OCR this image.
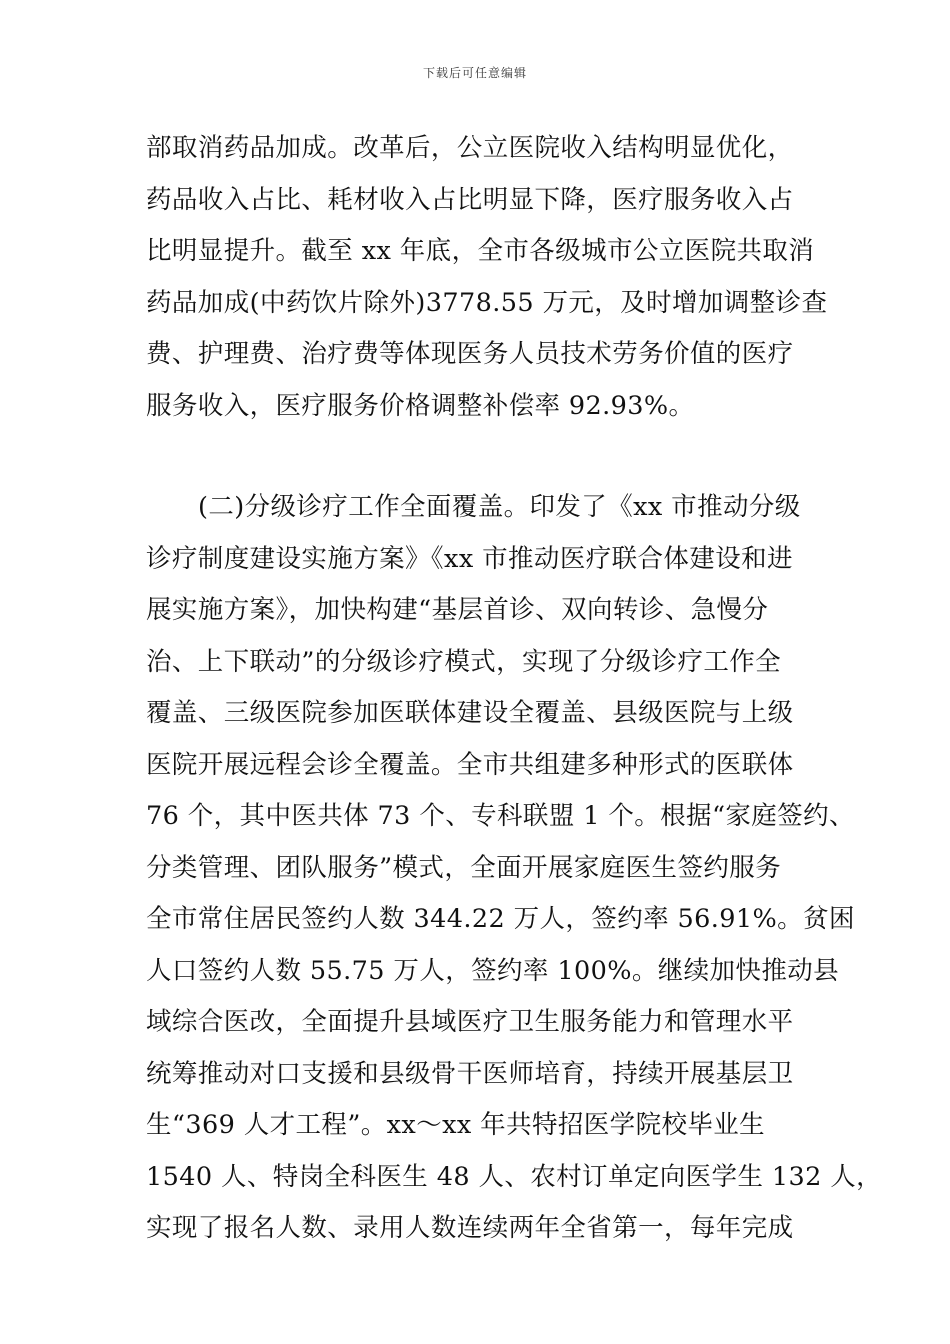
下载后可任意编辑
部取消药品加成。改革后，公立医院收入结构明显优化，
药品收入占比、耗材收入占比明显下降，医疗服务收入占
比明显提升。截至 xx 年底，全市各级城市公立医院共取消
药品加成(中药饮片除外)3778.55 万元，及时增加调整诊查
费、护理费、治疗费等体现医务人员技术劳务价值的医疗
服务收入，医疗服务价格调整补偿率 92.93%。
(二)分级诊疗工作全面覆盖。印发了《xx 市推动分级
诊疗制度建设实施方案》《xx 市推动医疗联合体建设和进
展实施方案》，加快构建“基层首诊、双向转诊、急慢分
治、上下联动”的分级诊疗模式，实现了分级诊疗工作全
覆盖、三级医院参加医联体建设全覆盖、县级医院与上级
医院开展远程会诊全覆盖。全市共组建多种形式的医联体
76 个，其中医共体 73 个、专科联盟 1 个。根据“家庭签约、
分类管理、团队服务”模式，全面开展家庭医生签约服务
全市常住居民签约人数 344.22 万人，签约率 56.91%。贫困
人口签约人数 55.75 万人，签约率 100%。继续加快推动县
域综合医改，全面提升县域医疗卫生服务能力和管理水平
统筹推动对口支援和县级骨干医师培育，持续开展基层卫
生“369 人才工程”。xx～xx 年共特招医学院校毕业生
1540 人、特岗全科医生 48 人、农村订单定向医学生 132 人，
实现了报名人数、录用人数连续两年全省第一，每年完成
